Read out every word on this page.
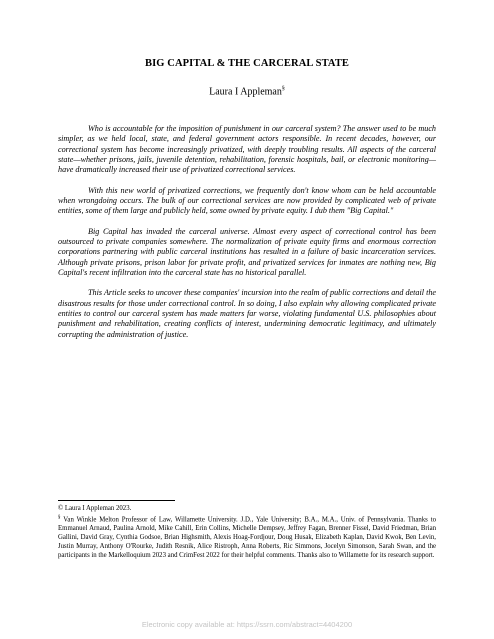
BIG CAPITAL & THE CARCERAL STATE
Laura I Appleman§

Who is accountable for the imposition of punishment in our carceral system? The answer used to be much simpler, as we held local, state, and federal government actors responsible. In recent decades, however, our correctional system has become increasingly privatized, with deeply troubling results. All aspects of the carceral state—whether prisons, jails, juvenile detention, rehabilitation, forensic hospitals, bail, or electronic monitoring—have dramatically increased their use of privatized correctional services.

With this new world of privatized corrections, we frequently don't know whom can be held accountable when wrongdoing occurs. The bulk of our correctional services are now provided by complicated web of private entities, some of them large and publicly held, some owned by private equity. I dub them "Big Capital."

Big Capital has invaded the carceral universe. Almost every aspect of correctional control has been outsourced to private companies somewhere. The normalization of private equity firms and enormous correction corporations partnering with public carceral institutions has resulted in a failure of basic incarceration services. Although private prisons, prison labor for private profit, and privatized services for inmates are nothing new, Big Capital's recent infiltration into the carceral state has no historical parallel.

This Article seeks to uncover these companies' incursion into the realm of public corrections and detail the disastrous results for those under correctional control. In so doing, I also explain why allowing complicated private entities to control our carceral system has made matters far worse, violating fundamental U.S. philosophies about punishment and rehabilitation, creating conflicts of interest, undermining democratic legitimacy, and ultimately corrupting the administration of justice.

© Laura I Appleman 2023.

§ Van Winkle Melton Professor of Law, Willamette University. J.D., Yale University; B.A., M.A., Univ. of Pennsylvania. Thanks to Emmanuel Arnaud, Paulina Arnold, Mike Cahill, Erin Collins, Michelle Dempsey, Jeffrey Fagan, Brenner Fissel, David Friedman, Brian Gallini, David Gray, Cynthia Godsoe, Brian Highsmith, Alexis Hoag-Fordjour, Doug Husak, Elizabeth Kaplan, David Kwok, Ben Levin, Justin Murray, Anthony O'Rourke, Judith Resnik, Alice Ristroph, Anna Roberts, Ric Simmons, Jocelyn Simonson, Sarah Swan, and the participants in the Markelloquium 2023 and CrimFest 2022 for their helpful comments. Thanks also to Willamette for its research support.

Electronic copy available at: https://ssrn.com/abstract=4404200
